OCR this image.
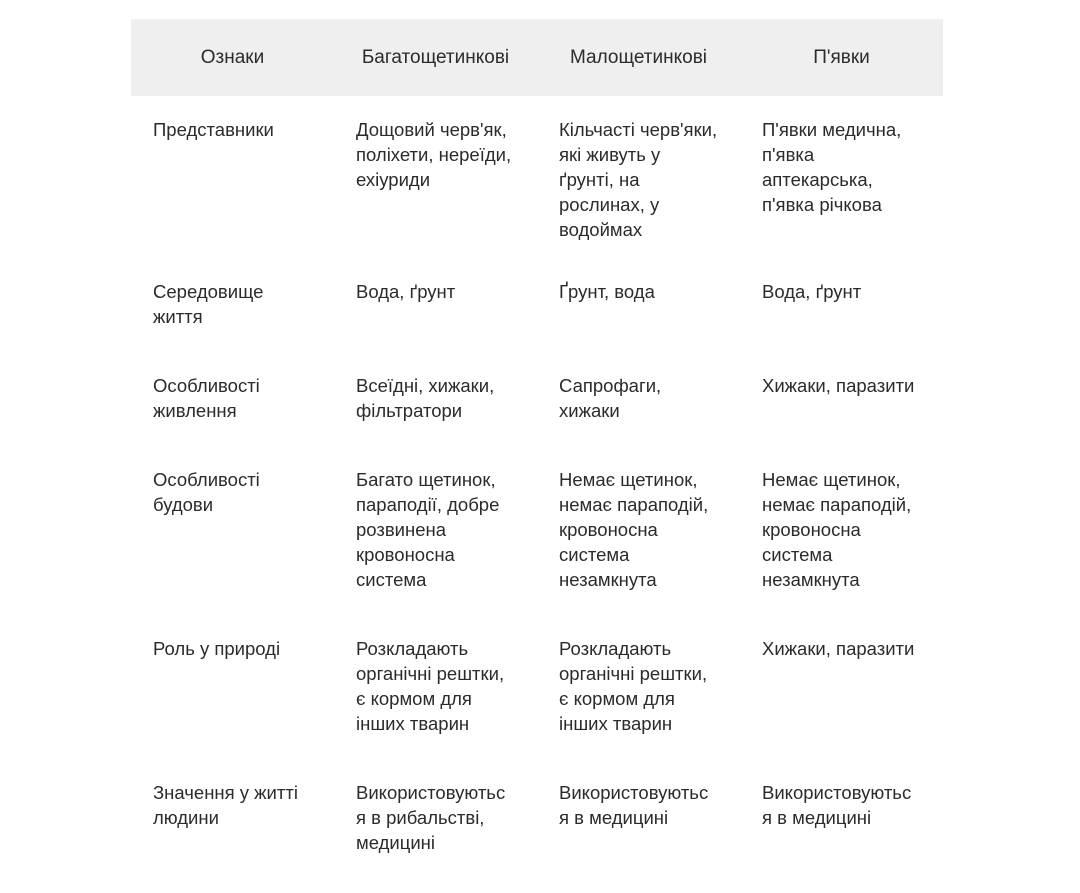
Ознаки	Багатощетинкові	Малощетинкові	П'явки
Представники	Дощовий черв'як, поліхети, нереїди, ехіуриди	Кільчасті черв'яки, які живуть у ґрунті, на рослинах, у водоймах	П'явки медична, п'явка аптекарська, п'явка річкова
Середовище життя	Вода, ґрунт	Ґрунт, вода	Вода, ґрунт
Особливості живлення	Всеїдні, хижаки, фільтратори	Сапрофаги, хижаки	Хижаки, паразити
Особливості будови	Багато щетинок, параподії, добре розвинена кровоносна система	Немає щетинок, немає параподій, кровоносна система незамкнута	Немає щетинок, немає параподій, кровоносна система незамкнута
Роль у природі	Розкладають органічні рештки, є кормом для інших тварин	Розкладають органічні рештки, є кормом для інших тварин	Хижаки, паразити
Значення у житті людини	Використовуються в рибальстві, медицині	Використовуються в медицині	Використовуються в медицині
